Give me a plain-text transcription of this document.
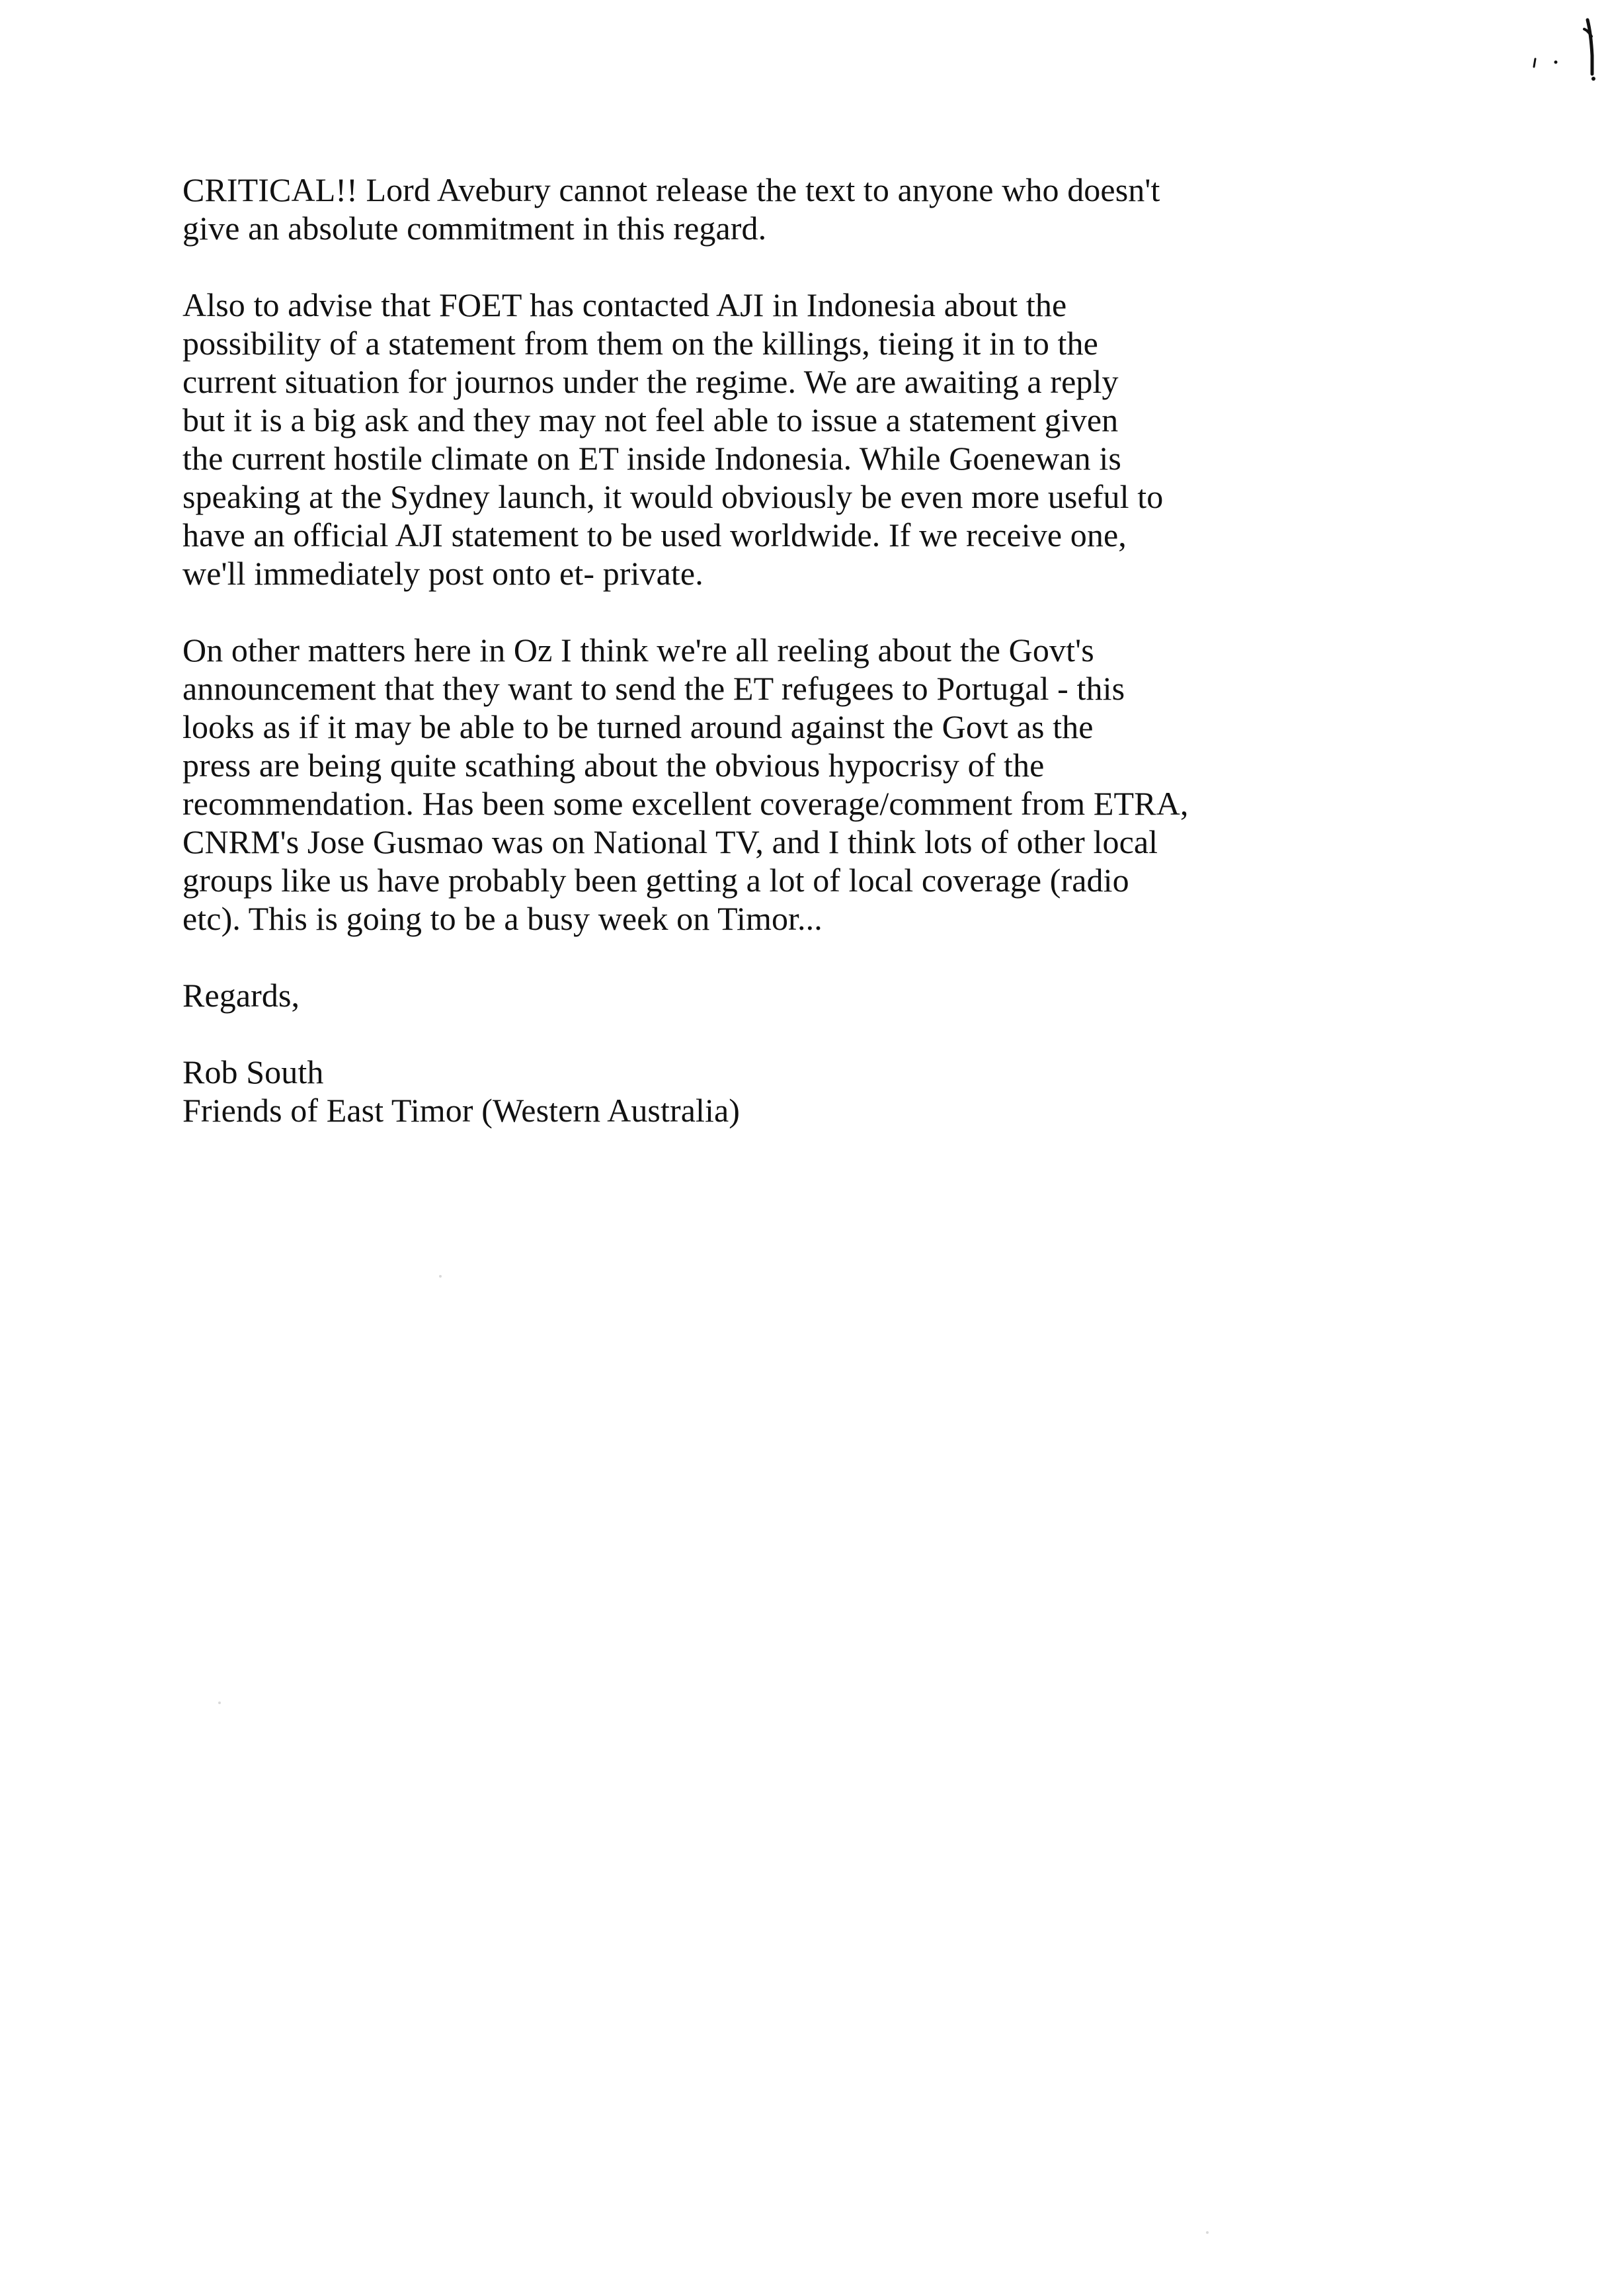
CRITICAL!! Lord Avebury cannot release the text to anyone who doesn't
give an absolute commitment in this regard.
Also to advise that FOET has contacted AJI in Indonesia about the
possibility of a statement from them on the killings, tieing it in to the
current situation for journos under the regime. We are awaiting a reply
but it is a big ask and they may not feel able to issue a statement given
the current hostile climate on ET inside Indonesia. While Goenewan is
speaking at the Sydney launch, it would obviously be even more useful to
have an official AJI statement to be used worldwide. If we receive one,
we'll immediately post onto et- private.
On other matters here in Oz I think we're all reeling about the Govt's
announcement that they want to send the ET refugees to Portugal - this
looks as if it may be able to be turned around against the Govt as the
press are being quite scathing about the obvious hypocrisy of the
recommendation. Has been some excellent coverage/comment from ETRA,
CNRM's Jose Gusmao was on National TV, and I think lots of other local
groups like us have probably been getting a lot of local coverage (radio
etc). This is going to be a busy week on Timor...
Regards,
Rob South
Friends of East Timor (Western Australia)
